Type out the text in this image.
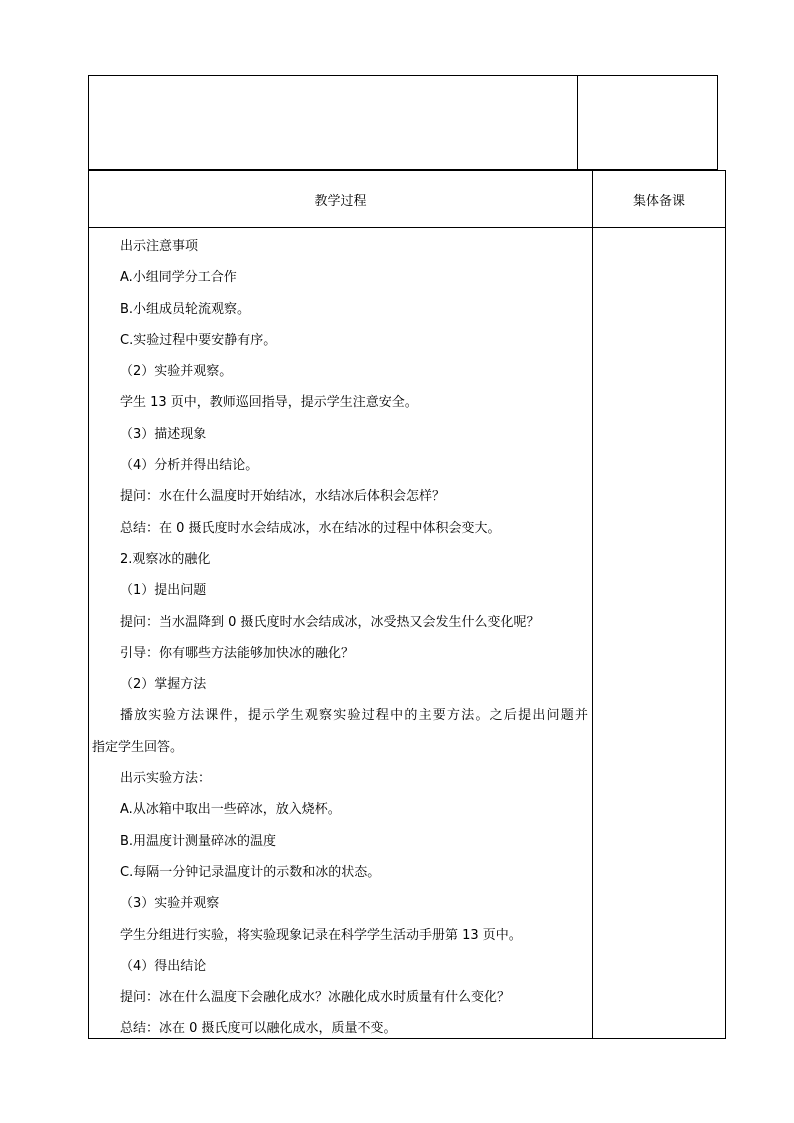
教学过程	集体备课
出示注意事项
A.小组同学分工合作
B.小组成员轮流观察。
C.实验过程中要安静有序。
（2）实验并观察。
学生 13 页中，教师巡回指导，提示学生注意安全。
（3）描述现象
（4）分析并得出结论。
提问：水在什么温度时开始结冰，水结冰后体积会怎样？
总结：在 0 摄氏度时水会结成冰，水在结冰的过程中体积会变大。
2.观察冰的融化
（1）提出问题
提问：当水温降到 0 摄氏度时水会结成冰，冰受热又会发生什么变化呢？
引导：你有哪些方法能够加快冰的融化？
（2）掌握方法
播放实验方法课件，提示学生观察实验过程中的主要方法。之后提出问题并
指定学生回答。
出示实验方法：
A.从冰箱中取出一些碎冰，放入烧杯。
B.用温度计测量碎冰的温度
C.每隔一分钟记录温度计的示数和冰的状态。
（3）实验并观察
学生分组进行实验，将实验现象记录在科学学生活动手册第 13 页中。
（4）得出结论
提问：冰在什么温度下会融化成水？冰融化成水时质量有什么变化？
总结：冰在 0 摄氏度可以融化成水，质量不变。
